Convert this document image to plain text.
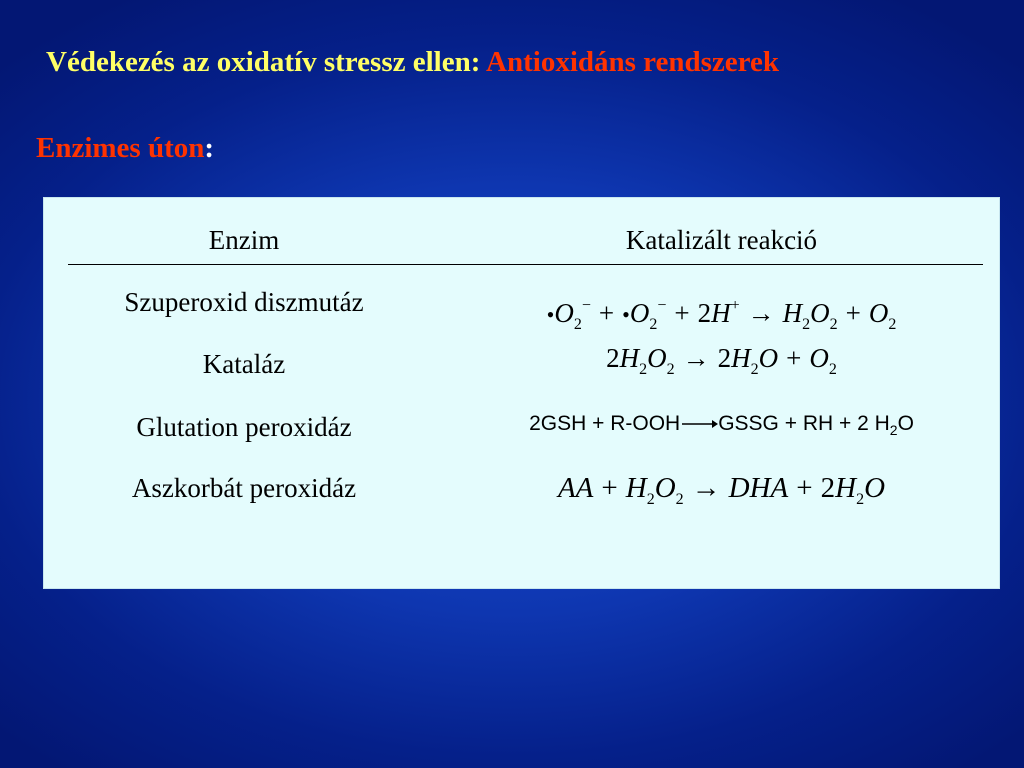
Védekezés az oxidatív stressz ellen: Antioxidáns rendszerek
Enzimes úton:
Enzim	Katalizált reakció
Szuperoxid diszmutáz	$•O_2^-$ + $•O_2^- + 2H^+ \to H_2O_2 + O_2$
Kataláz	$2H_2O_2 \to 2H_2O + O_2$
Glutation peroxidáz	2GSH + R-OOH→GSSG + RH + 2 $H_2O$
Aszkorbát peroxidáz	AA + $H_2O_2$ → DHA + $2H_2O$
